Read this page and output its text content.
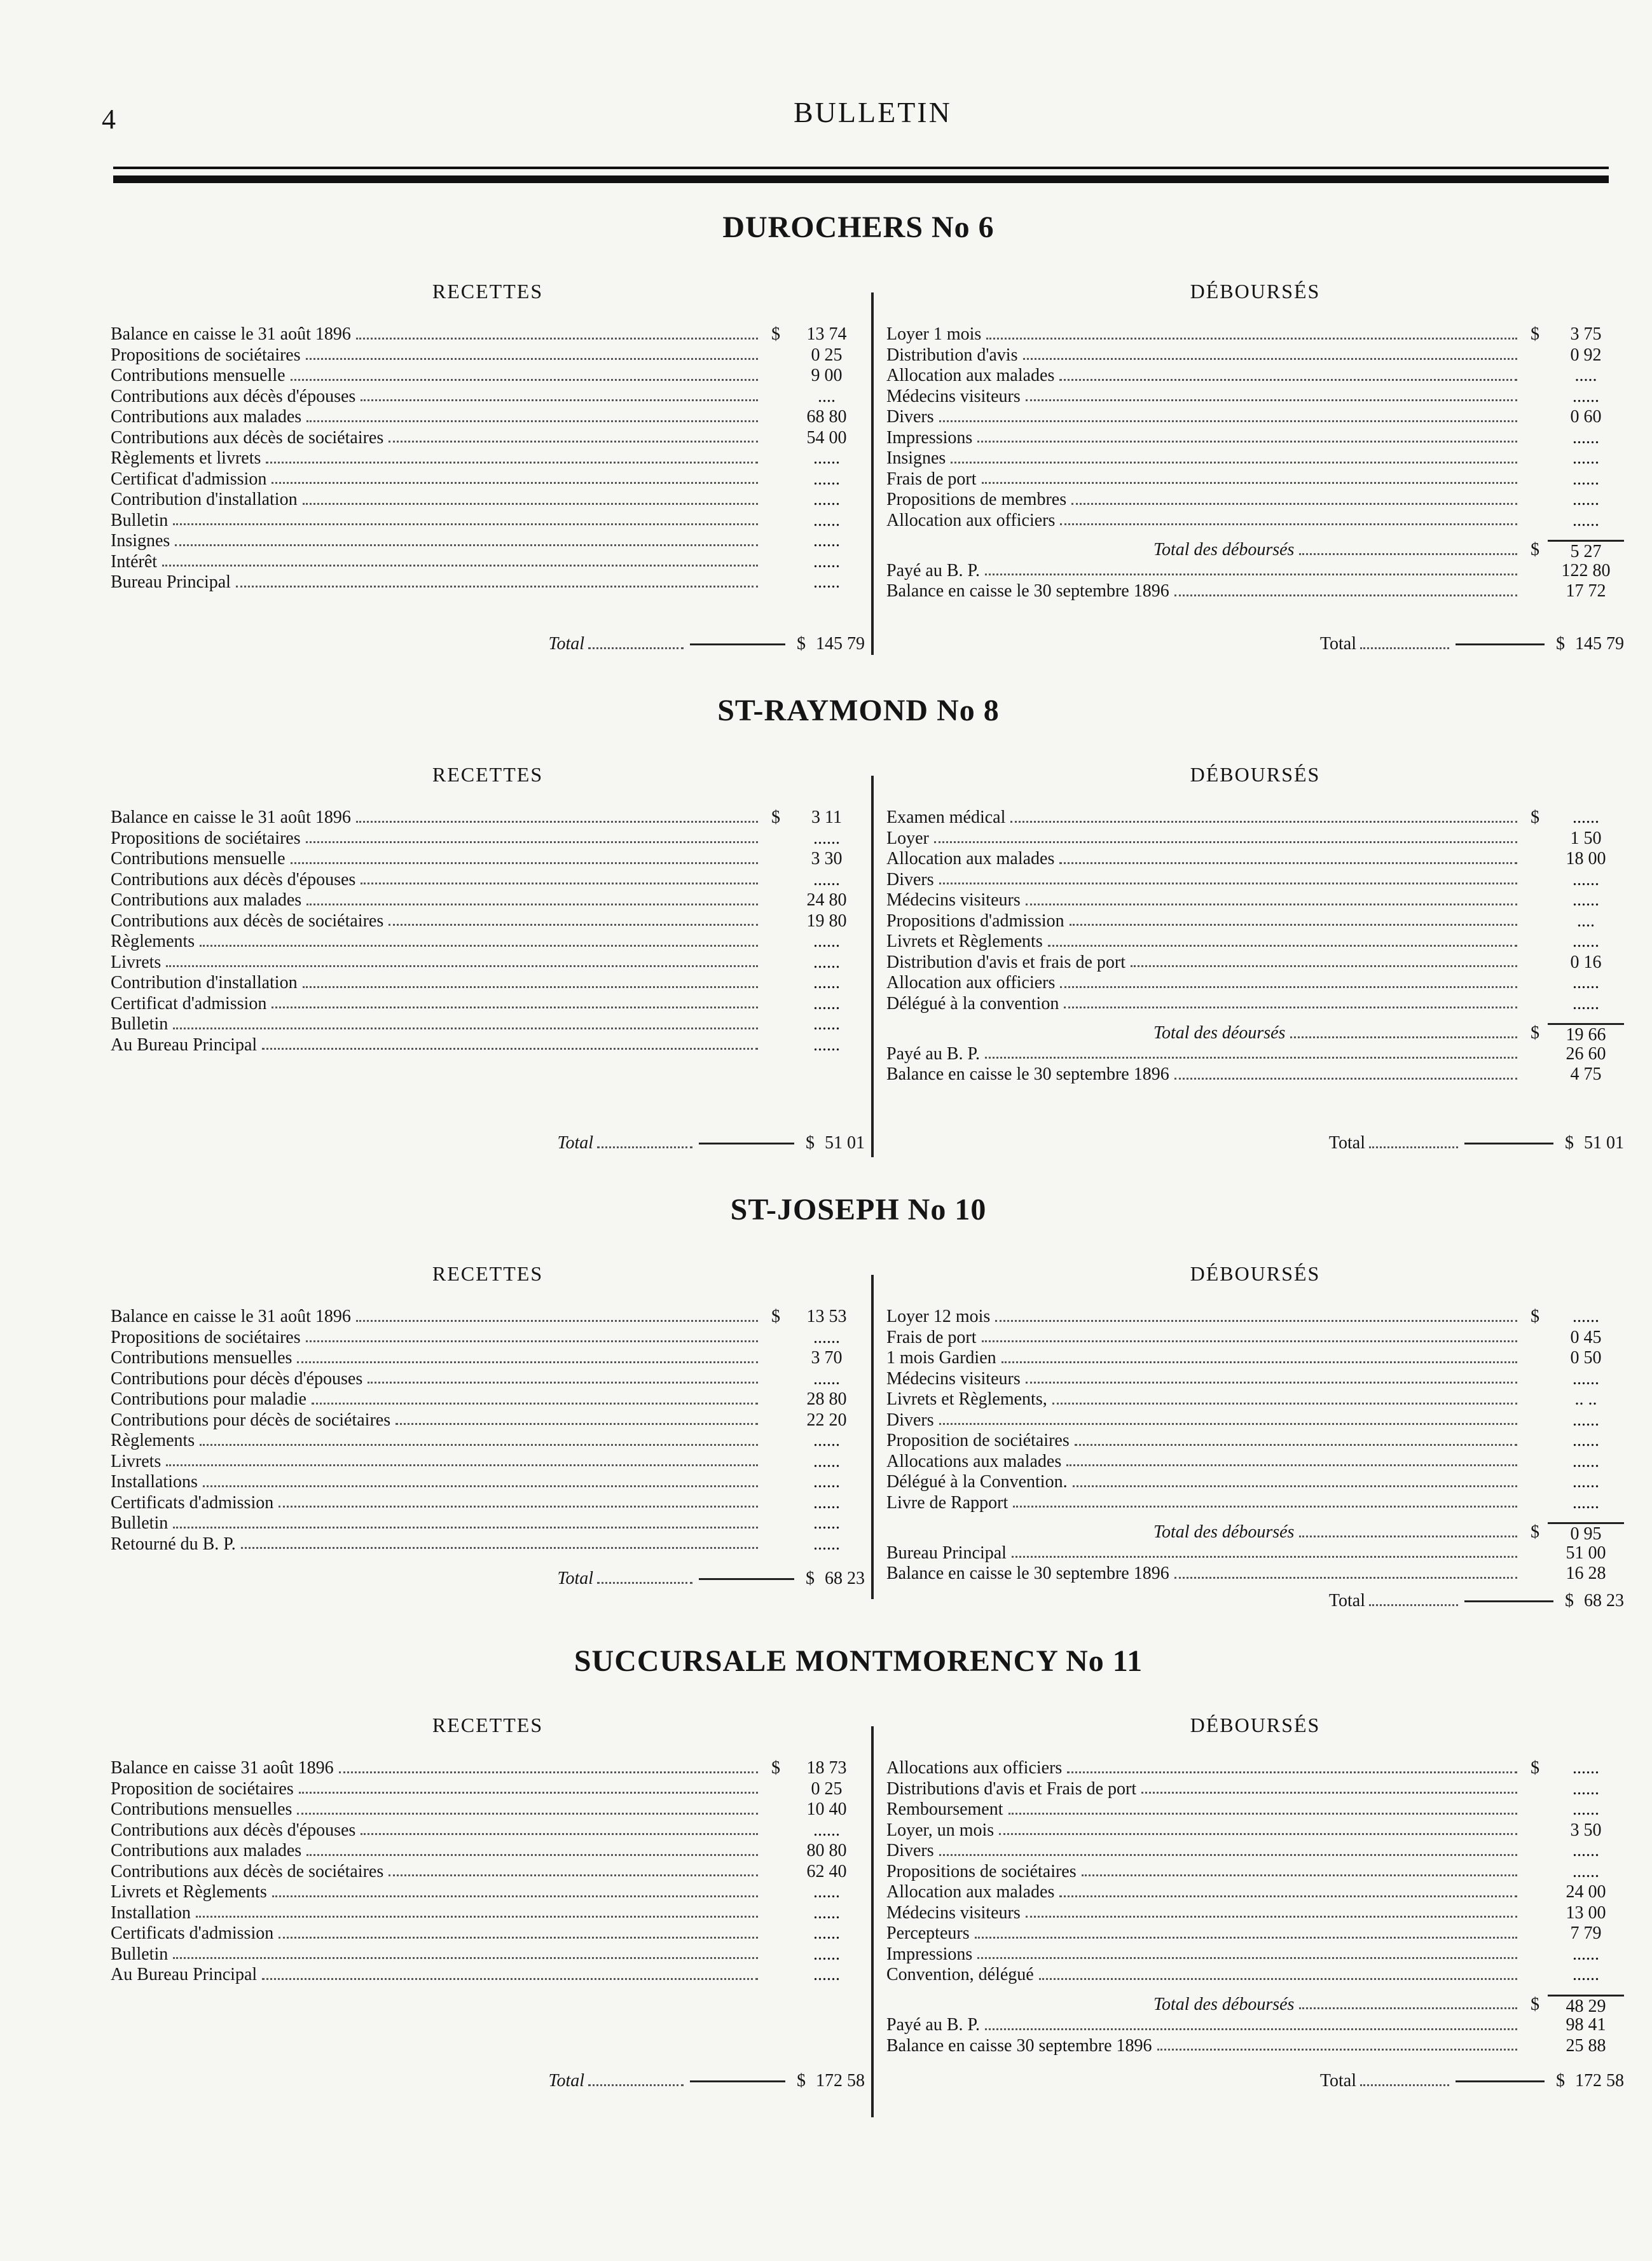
4	BULLETIN
DUROCHERS No 6
RECETTES
Balance en caisse le 31 août 1896	$	13 74
Propositions de sociétaires	0 25
Contributions mensuelle	9 00
Contributions aux décès d'épouses	....
Contributions aux malades	68 80
Contributions aux décès de sociétaires	54 00
Règlements et livrets	......
Certificat d'admission	......
Contribution d'installation	......
Bulletin	......
Insignes	......
Intérêt	......
Bureau Principal	......
Total	$ 145 79
DÉBOURSÉS
Loyer 1 mois	$	3 75
Distribution d'avis	0 92
Allocation aux malades	.....
Médecins visiteurs	......
Divers	0 60
Impressions	......
Insignes	......
Frais de port	......
Propositions de membres	......
Allocation aux officiers	......
Total des déboursés	$	5 27
Payé au B. P.	122 80
Balance en caisse le 30 septembre 1896	17 72
Total	$ 145 79
ST-RAYMOND No 8
RECETTES
Balance en caisse le 31 août 1896	$	3 11
Propositions de sociétaires	......
Contributions mensuelle	3 30
Contributions aux décès d'épouses	......
Contributions aux malades	24 80
Contributions aux décès de sociétaires	19 80
Règlements	......
Livrets	......
Contribution d'installation	......
Certificat d'admission	......
Bulletin	......
Au Bureau Principal	......
Total	$ 51 01
DÉBOURSÉS
Examen médical	$	......
Loyer	1 50
Allocation aux malades	18 00
Divers	......
Médecins visiteurs	......
Propositions d'admission	....
Livrets et Règlements	......
Distribution d'avis et frais de port	0 16
Allocation aux officiers	......
Délégué à la convention	......
Total des déoursés	$	19 66
Payé au B. P.	26 60
Balance en caisse le 30 septembre 1896	4 75
Total	$ 51 01
ST-JOSEPH No 10
RECETTES
Balance en caisse le 31 août 1896	$	13 53
Propositions de sociétaires	......
Contributions mensuelles	3 70
Contributions pour décès d'épouses	......
Contributions pour maladie	28 80
Contributions pour décès de sociétaires	22 20
Règlements	......
Livrets	......
Installations	......
Certificats d'admission	......
Bulletin	......
Retourné du B. P.	......
Total	$ 68 23
DÉBOURSÉS
Loyer 12 mois	$	......
Frais de port	0 45
1 mois Gardien	0 50
Médecins visiteurs	......
Livrets et Règlements,	.. ..
Divers	......
Proposition de sociétaires	......
Allocations aux malades	......
Délégué à la Convention.	......
Livre de Rapport	......
Total des déboursés	$	0 95
Bureau Principal	51 00
Balance en caisse le 30 septembre 1896	16 28
Total	$ 68 23
SUCCURSALE MONTMORENCY No 11
RECETTES
Balance en caisse 31 août 1896	$	18 73
Proposition de sociétaires	0 25
Contributions mensuelles	10 40
Contributions aux décès d'épouses	......
Contributions aux malades	80 80
Contributions aux décès de sociétaires	62 40
Livrets et Règlements	......
Installation	......
Certificats d'admission	......
Bulletin	......
Au Bureau Principal	......
Total	$ 172 58
DÉBOURSÉS
Allocations aux officiers	$	......
Distributions d'avis et Frais de port	......
Remboursement	......
Loyer, un mois	3 50
Divers	......
Propositions de sociétaires	......
Allocation aux malades	24 00
Médecins visiteurs	13 00
Percepteurs	7 79
Impressions	......
Convention, délégué	......
Total des déboursés	$	48 29
Payé au B. P.	98 41
Balance en caisse 30 septembre 1896	25 88
Total	$ 172 58
